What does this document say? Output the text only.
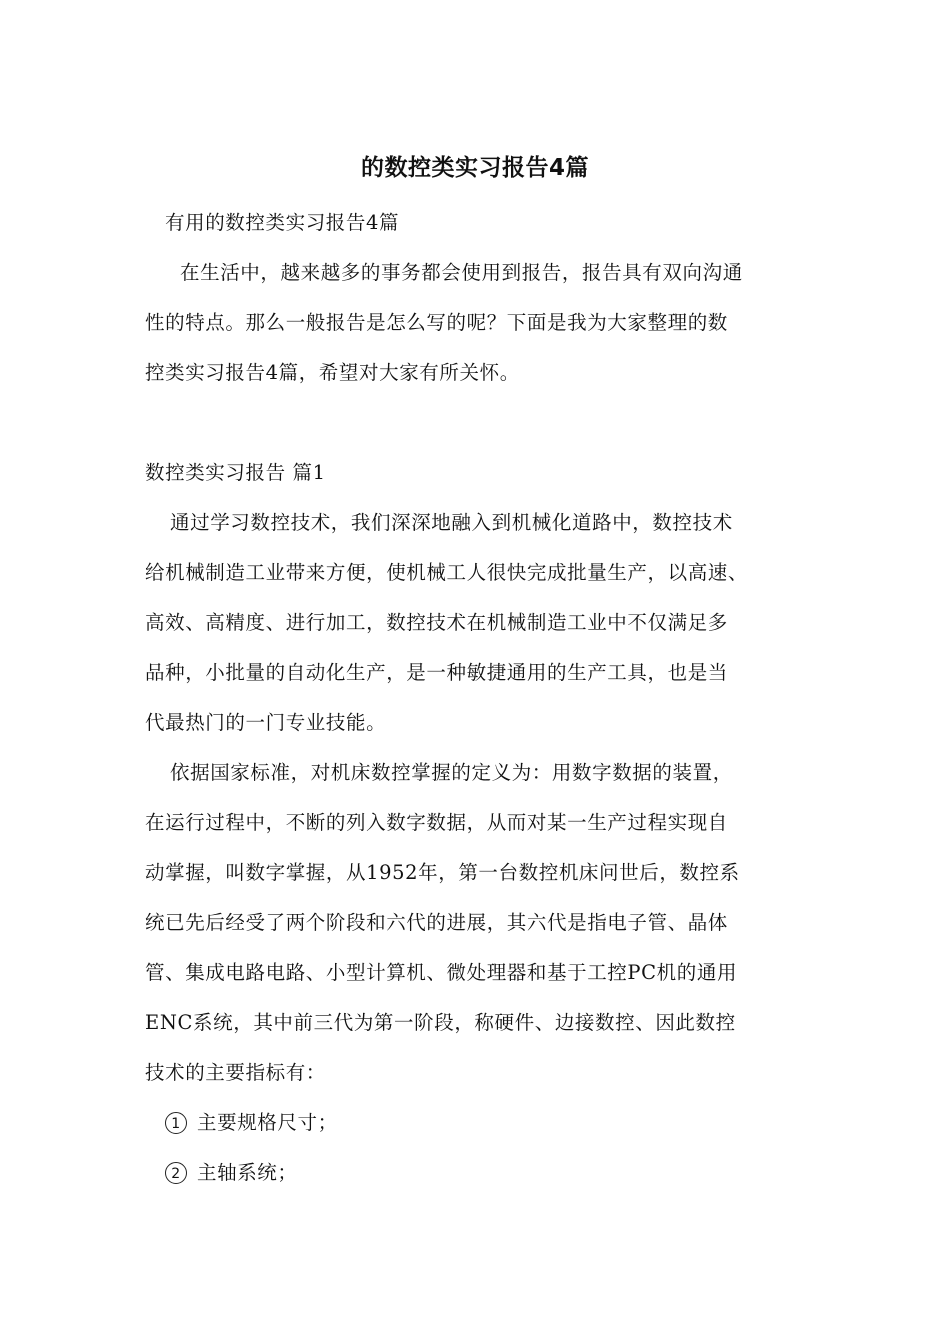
的数控类实习报告4篇

有用的数控类实习报告4篇

在生活中，越来越多的事务都会使用到报告，报告具有双向沟通

性的特点。那么一般报告是怎么写的呢？下面是我为大家整理的数

控类实习报告4篇，希望对大家有所关怀。

数控类实习报告 篇1

通过学习数控技术，我们深深地融入到机械化道路中，数控技术

给机械制造工业带来方便，使机械工人很快完成批量生产，以高速、

高效、高精度、进行加工，数控技术在机械制造工业中不仅满足多

品种，小批量的自动化生产，是一种敏捷通用的生产工具，也是当

代最热门的一门专业技能。

依据国家标准，对机床数控掌握的定义为：用数字数据的装置，

在运行过程中，不断的列入数字数据，从而对某一生产过程实现自

动掌握，叫数字掌握，从1952年，第一台数控机床问世后，数控系

统已先后经受了两个阶段和六代的进展，其六代是指电子管、晶体

管、集成电路电路、小型计算机、微处理器和基于工控PC机的通用

ENC系统，其中前三代为第一阶段，称硬件、边接数控、因此数控

技术的主要指标有：

1 主要规格尺寸；

2 主轴系统；
